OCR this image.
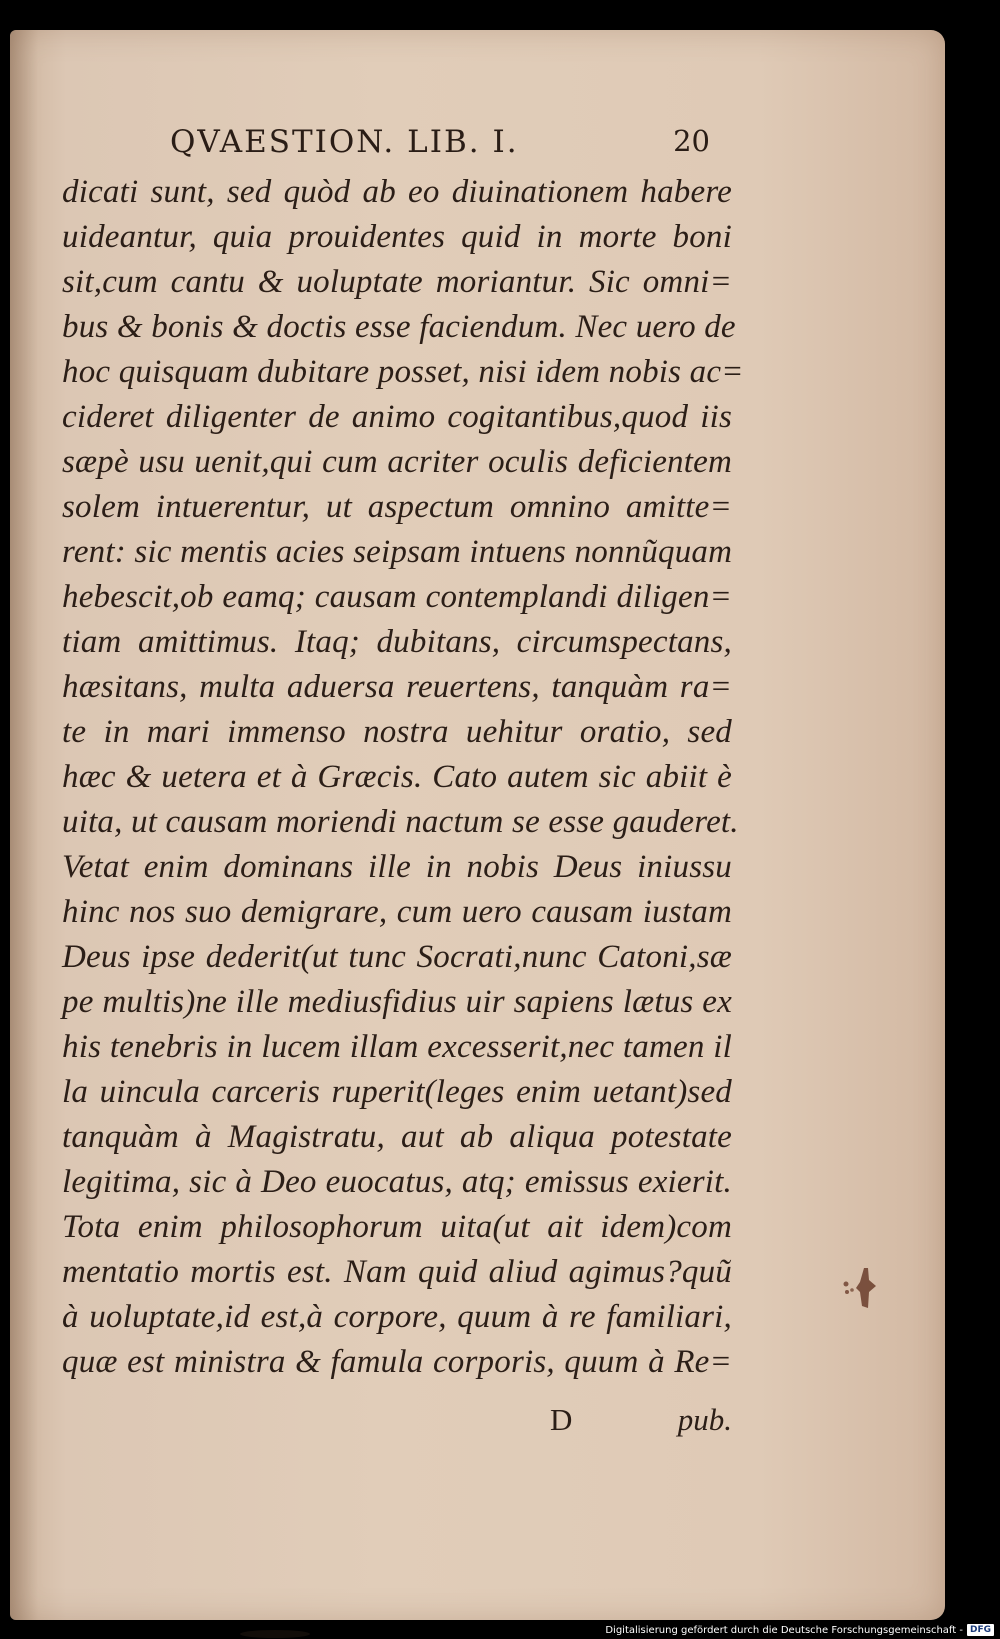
QVAESTION. LIB. I.	20
dicati sunt, sed quòd ab eo diuinationem habere
uideantur, quia prouidentes quid in morte boni
sit,cum cantu & uoluptate moriantur. Sic omni=
bus & bonis & doctis esse faciendum. Nec uero de
hoc quisquam dubitare posset, nisi idem nobis ac=
cideret diligenter de animo cogitantibus,quod iis
sæpè usu uenit,qui cum acriter oculis deficientem
solem intuerentur, ut aspectum omnino amitte=
rent: sic mentis acies seipsam intuens nonnũquam
hebescit,ob eamq; causam contemplandi diligen=
tiam amittimus. Itaq; dubitans, circumspectans,
hæsitans, multa aduersa reuertens, tanquàm ra=
te in mari immenso nostra uehitur oratio, sed
hæc & uetera et à Græcis. Cato autem sic abiit è
uita, ut causam moriendi nactum se esse gauderet.
Vetat enim dominans ille in nobis Deus iniussu
hinc nos suo demigrare, cum uero causam iustam
Deus ipse dederit(ut tunc Socrati,nunc Catoni,sæ
pe multis)ne ille mediusfidius uir sapiens lætus ex
his tenebris in lucem illam excesserit,nec tamen il
la uincula carceris ruperit(leges enim uetant)sed
tanquàm à Magistratu, aut ab aliqua potestate
legitima, sic à Deo euocatus, atq; emissus exierit.
Tota enim philosophorum uita(ut ait idem)com
mentatio mortis est. Nam quid aliud agimus?quũ
à uoluptate,id est,à corpore, quum à re familiari,
quæ est ministra & famula corporis, quum à Re=
D	pub.
Digitalisierung gefördert durch die Deutsche Forschungsgemeinschaft - DFG
